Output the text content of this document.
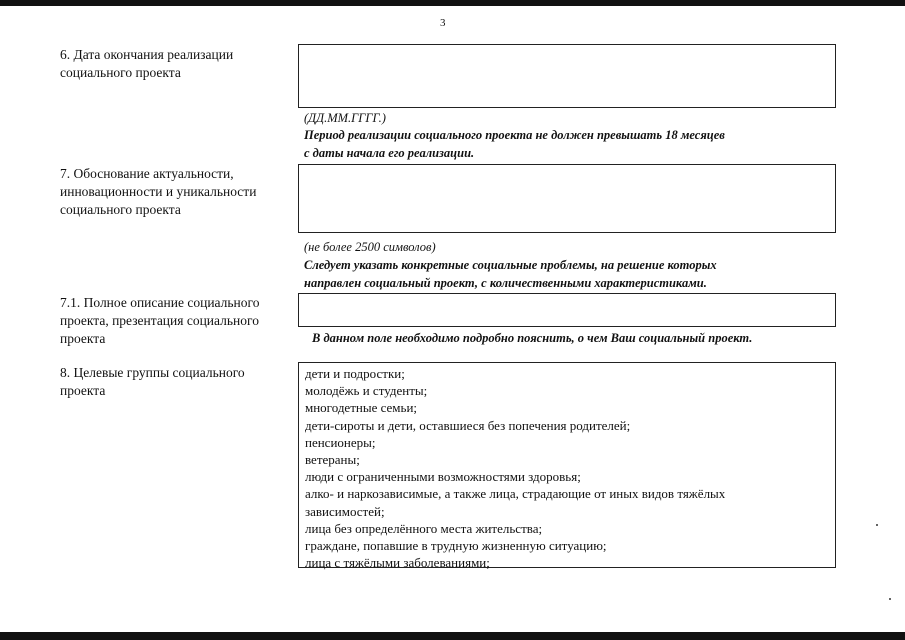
3
6. Дата окончания реализации социального проекта
(ДД.ММ.ГГГГ.)
Период реализации социального проекта не должен превышать 18 месяцев
с даты начала его реализации.
7. Обоснование актуальности, инновационности и уникальности социального проекта
(не более 2500 символов)
Следует указать конкретные социальные проблемы, на решение которых
направлен социальный проект, с количественными характеристиками.
7.1. Полное описание социального проекта, презентация социального проекта	В данном поле необходимо подробно пояснить, о чем Ваш социальный проект.
8. Целевые группы социального проекта
дети и подростки;
молодёжь и студенты;
многодетные семьи;
дети-сироты и дети, оставшиеся без попечения родителей;
пенсионеры;
ветераны;
люди с ограниченными возможностями здоровья;
алко- и наркозависимые, а также лица, страдающие от иных видов тяжёлых
зависимостей;
лица без определённого места жительства;
граждане, попавшие в трудную жизненную ситуацию;
лица с тяжёлыми заболеваниями;
